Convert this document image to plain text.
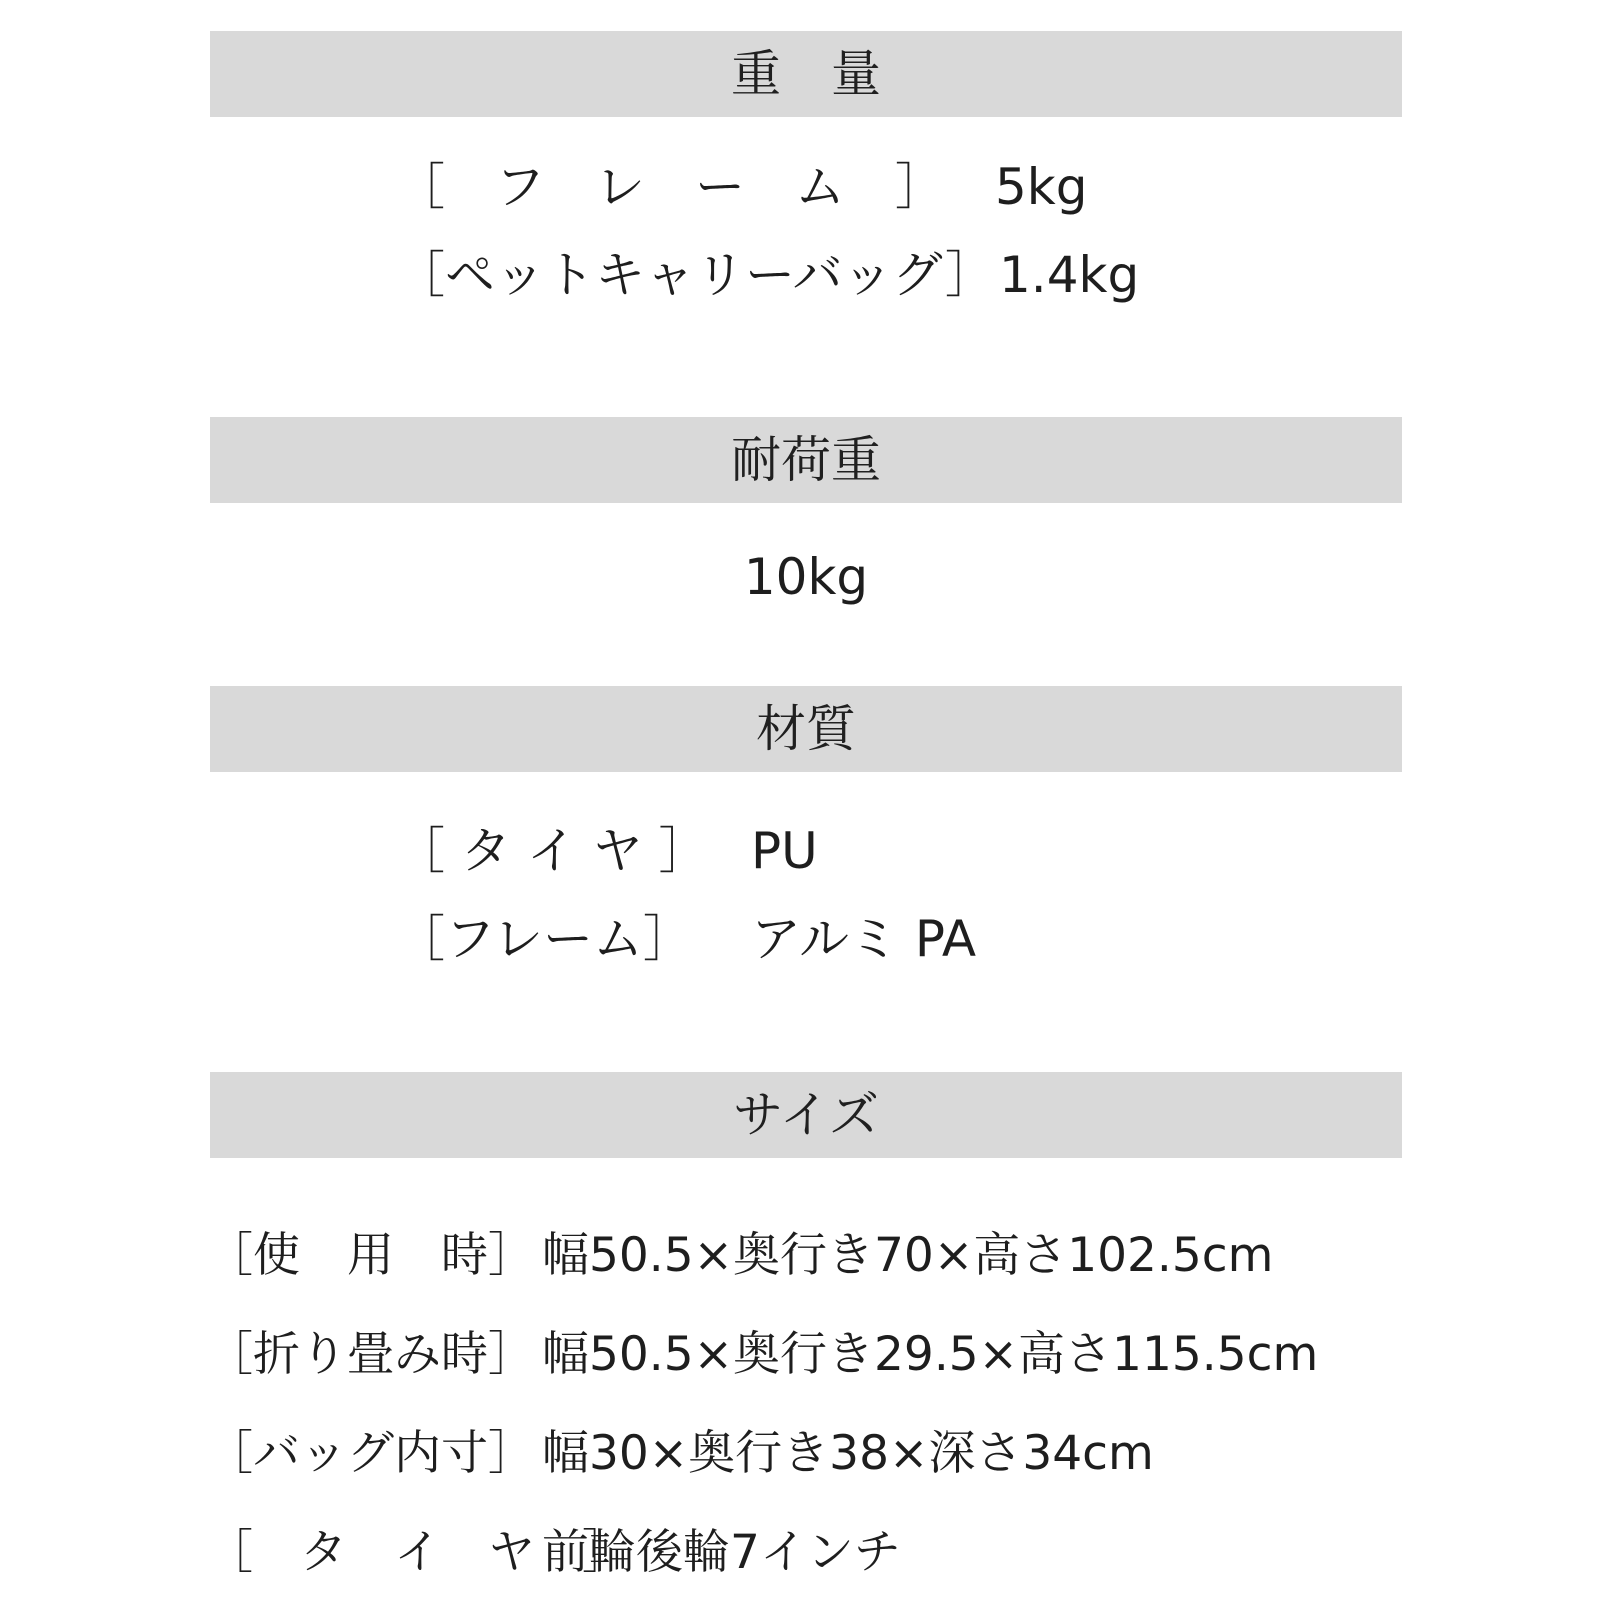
重　量
［　フ　レ　ー　ム　］ 5kg
［ペットキャリーバッグ］1.4kg
耐荷重
10kg
材質
［ タ イ ヤ ］ PU
［フレーム］ アルミ PA
サイズ
［使　用　時］ 幅50.5×奥行き70×高さ102.5cm
［折り畳み時］ 幅50.5×奥行き29.5×高さ115.5cm
［バッグ内寸］ 幅30×奥行き38×深さ34cm
［　タ　イ　ヤ　］前輪後輪7インチ
